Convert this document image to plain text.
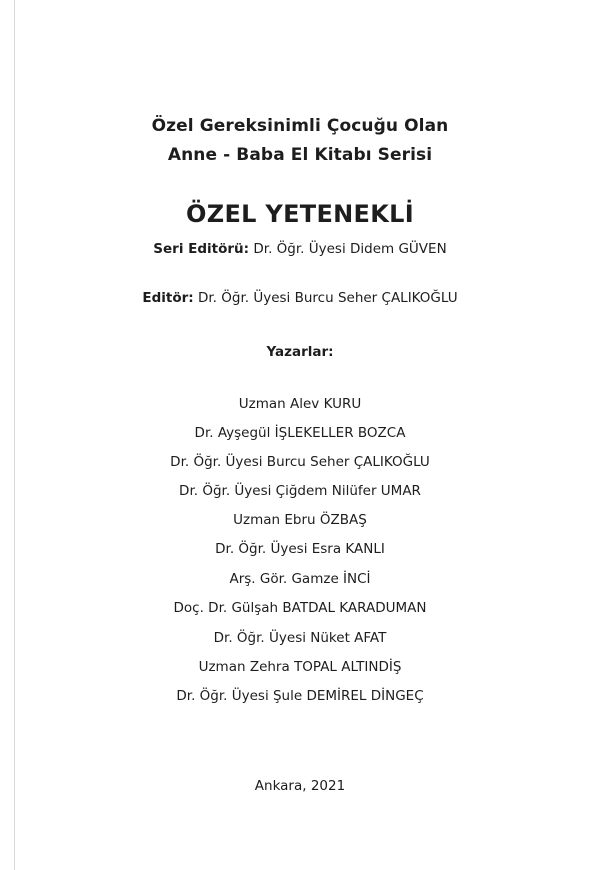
Özel Gereksinimli Çocuğu Olan
Anne - Baba El Kitabı Serisi
ÖZEL YETENEKLİ
Seri Editörü: Dr. Öğr. Üyesi Didem GÜVEN
Editör: Dr. Öğr. Üyesi Burcu Seher ÇALIKOĞLU
Yazarlar:
Uzman Alev KURU
Dr. Ayşegül İŞLEKELLER BOZCA
Dr. Öğr. Üyesi Burcu Seher ÇALIKOĞLU
Dr. Öğr. Üyesi Çiğdem Nilüfer UMAR
Uzman Ebru ÖZBAŞ
Dr. Öğr. Üyesi Esra KANLI
Arş. Gör. Gamze İNCİ
Doç. Dr. Gülşah BATDAL KARADUMAN
Dr. Öğr. Üyesi Nüket AFAT
Uzman Zehra TOPAL ALTINDİŞ
Dr. Öğr. Üyesi Şule DEMİREL DİNGEÇ
Ankara, 2021
